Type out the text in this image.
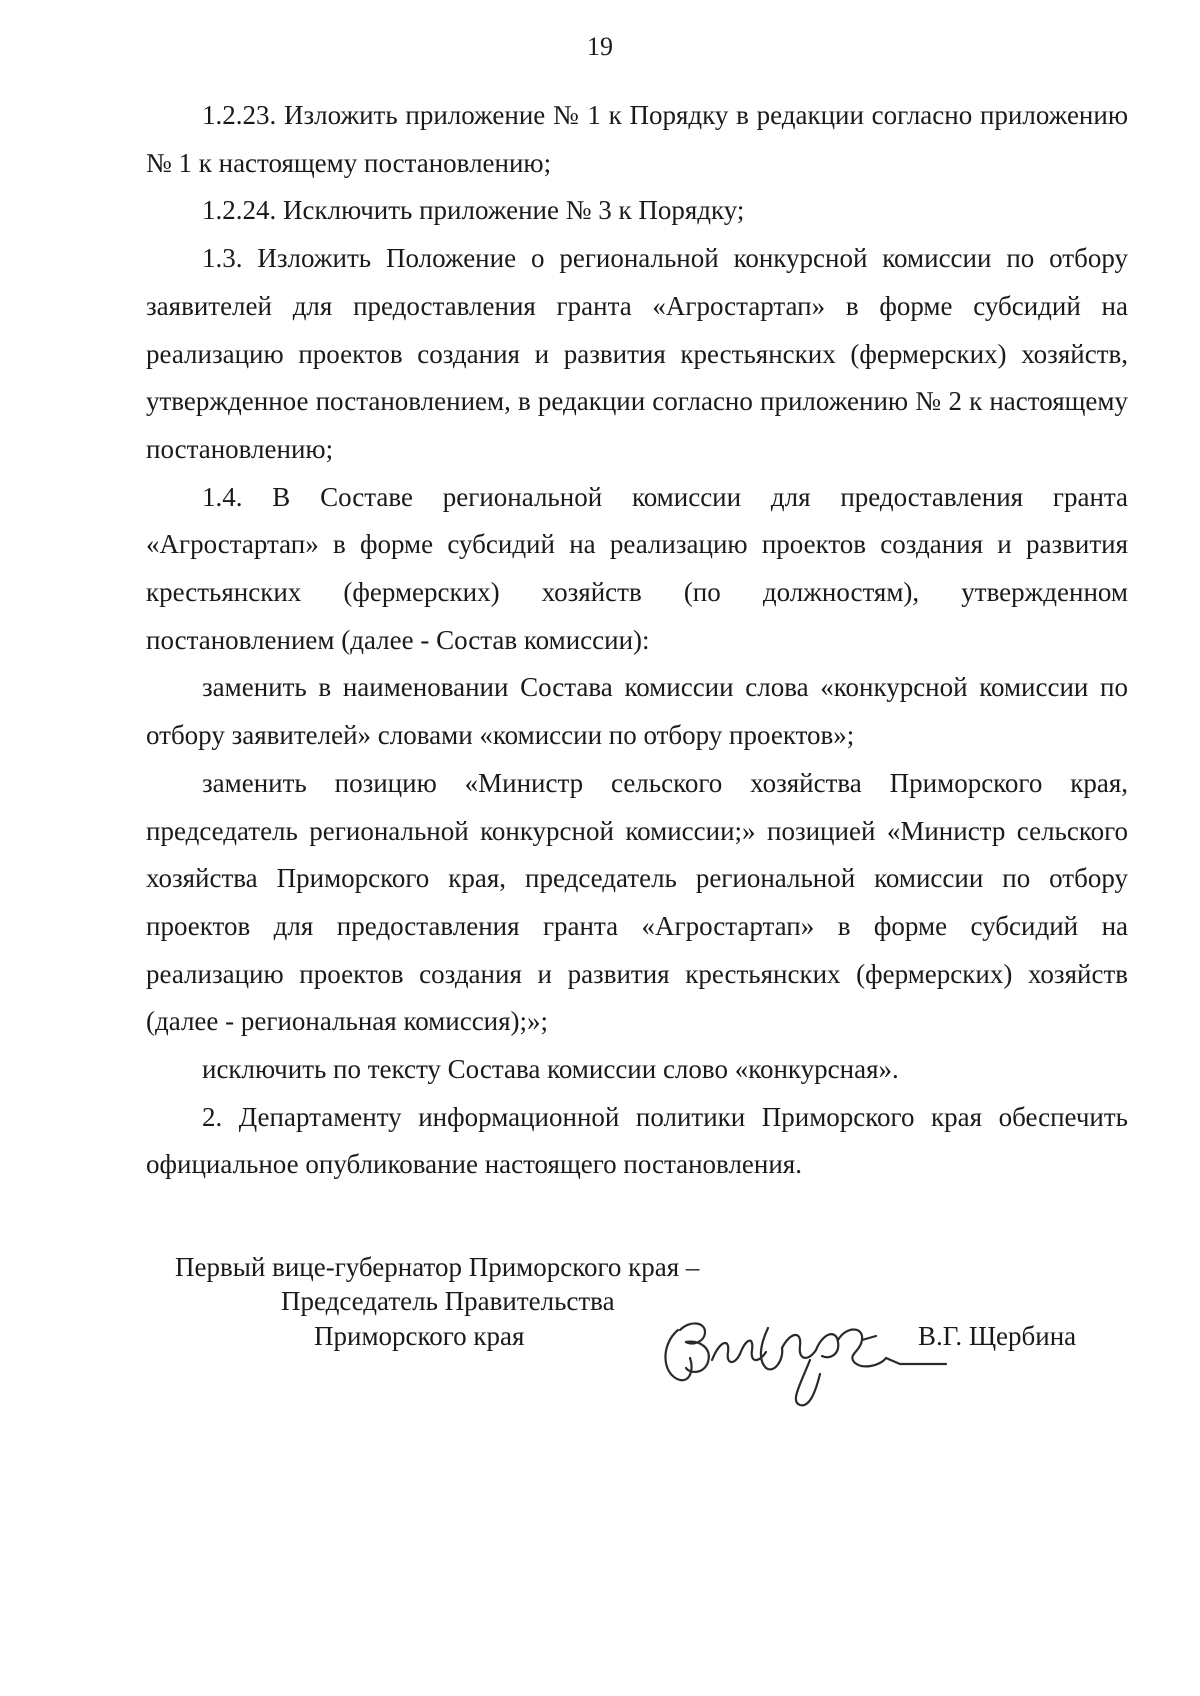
19

1.2.23. Изложить приложение № 1 к Порядку в редакции согласно приложению № 1 к настоящему постановлению;

1.2.24. Исключить приложение № 3 к Порядку;

1.3. Изложить Положение о региональной конкурсной комиссии по отбору заявителей для предоставления гранта «Агростартап» в форме субсидий на реализацию проектов создания и развития крестьянских (фермерских) хозяйств, утвержденное постановлением, в редакции согласно приложению № 2 к настоящему постановлению;

1.4. В Составе региональной комиссии для предоставления гранта «Агростартап» в форме субсидий на реализацию проектов создания и развития крестьянских (фермерских) хозяйств (по должностям), утвержденном постановлением (далее - Состав комиссии):

заменить в наименовании Состава комиссии слова «конкурсной комиссии по отбору заявителей» словами «комиссии по отбору проектов»;

заменить позицию «Министр сельского хозяйства Приморского края, председатель региональной конкурсной комиссии;» позицией «Министр сельского хозяйства Приморского края, председатель региональной комиссии по отбору проектов для предоставления гранта «Агростартап» в форме субсидий на реализацию проектов создания и развития крестьянских (фермерских) хозяйств (далее - региональная комиссия);»;

исключить по тексту Состава комиссии слово «конкурсная».

2. Департаменту информационной политики Приморского края обеспечить официальное опубликование настоящего постановления.

Первый вице-губернатор Приморского края –
Председатель Правительства
Приморского края	В.Г. Щербина
